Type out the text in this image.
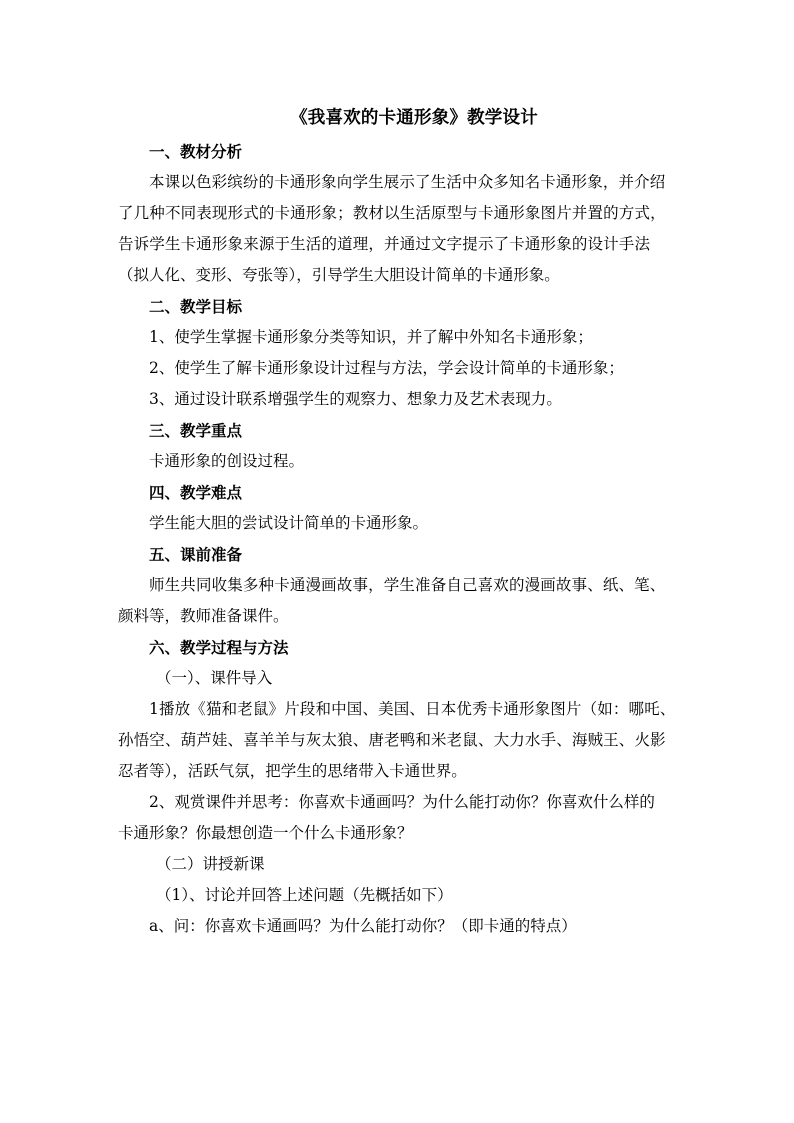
《我喜欢的卡通形象》教学设计
一、教材分析
本课以色彩缤纷的卡通形象向学生展示了生活中众多知名卡通形象，并介绍
了几种不同表现形式的卡通形象；教材以生活原型与卡通形象图片并置的方式，
告诉学生卡通形象来源于生活的道理，并通过文字提示了卡通形象的设计手法
（拟人化、变形、夸张等），引导学生大胆设计简单的卡通形象。
二、教学目标
1、使学生掌握卡通形象分类等知识，并了解中外知名卡通形象；
2、使学生了解卡通形象设计过程与方法，学会设计简单的卡通形象；
3、通过设计联系增强学生的观察力、想象力及艺术表现力。
三、教学重点
卡通形象的创设过程。
四、教学难点
学生能大胆的尝试设计简单的卡通形象。
五、课前准备
师生共同收集多种卡通漫画故事，学生准备自己喜欢的漫画故事、纸、笔、
颜料等，教师准备课件。
六、教学过程与方法
（一）、课件导入
1播放《猫和老鼠》片段和中国、美国、日本优秀卡通形象图片（如：哪吒、
孙悟空、葫芦娃、喜羊羊与灰太狼、唐老鸭和米老鼠、大力水手、海贼王、火影
忍者等），活跃气氛，把学生的思绪带入卡通世界。
2、观赏课件并思考：你喜欢卡通画吗？为什么能打动你？你喜欢什么样的
卡通形象？你最想创造一个什么卡通形象？
（二）讲授新课
（1）、讨论并回答上述问题（先概括如下）
a、问：你喜欢卡通画吗？为什么能打动你？（即卡通的特点）
